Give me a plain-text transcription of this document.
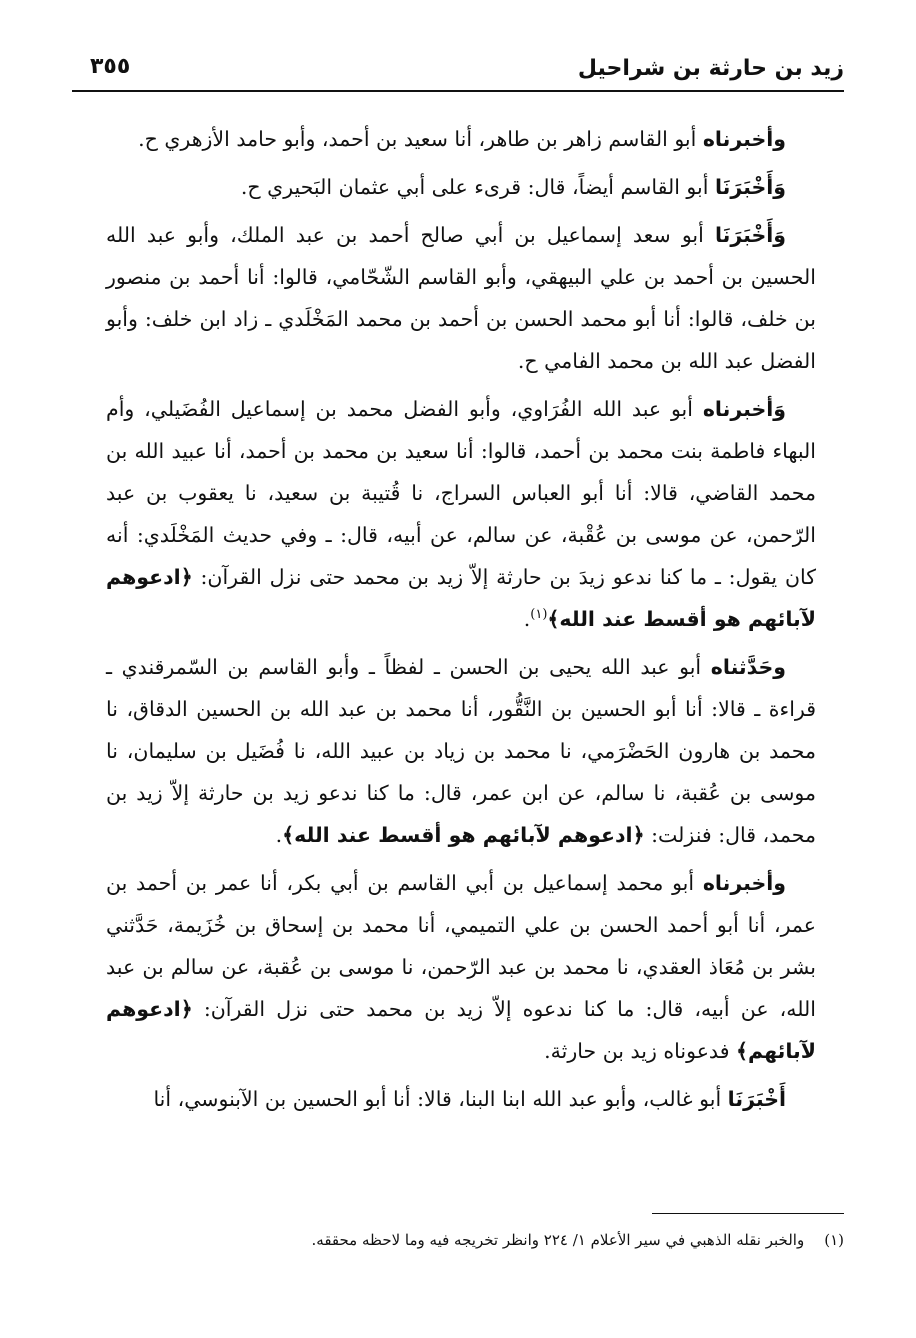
زيد بن حارثة بن شراحيل
٣٥٥

وأخبرناه أبو القاسم زاهر بن طاهر، أنا سعيد بن أحمد، وأبو حامد الأزهري ح.

وَأَخْبَرَنَا أبو القاسم أيضاً، قال: قرىء على أبي عثمان البَحيري ح.

وَأَخْبَرَنَا أبو سعد إسماعيل بن أبي صالح أحمد بن عبد الملك، وأبو عبد الله الحسين بن أحمد بن علي البيهقي، وأبو القاسم الشّحّامي، قالوا: أنا أحمد بن منصور بن خلف، قالوا: أنا أبو محمد الحسن بن أحمد بن محمد المَخْلَدي ـ زاد ابن خلف: وأبو الفضل عبد الله بن محمد الفامي ح.

وَأخبرناه أبو عبد الله الفُرَاوي، وأبو الفضل محمد بن إسماعيل الفُضَيلي، وأم البهاء فاطمة بنت محمد بن أحمد، قالوا: أنا سعيد بن محمد بن أحمد، أنا عبيد الله بن محمد القاضي، قالا: أنا أبو العباس السراج، نا قُتيبة بن سعيد، نا يعقوب بن عبد الرّحمن، عن موسى بن عُقْبة، عن سالم، عن أبيه، قال: ـ وفي حديث المَخْلَدي: أنه كان يقول: ـ ما كنا ندعو زيدَ بن حارثة إلاّ زيد بن محمد حتى نزل القرآن: ﴿ادعوهم لآبائهم هو أقسط عند الله﴾$^{(١)}$.

وحَدَّثناه أبو عبد الله يحيى بن الحسن ـ لفظاً ـ وأبو القاسم بن السّمرقندي ـ قراءة ـ قالا: أنا أبو الحسين بن النَّقُّور، أنا محمد بن عبد الله بن الحسين الدقاق، نا محمد بن هارون الحَضْرَمي، نا محمد بن زياد بن عبيد الله، نا فُضَيل بن سليمان، نا موسى بن عُقبة، نا سالم، عن ابن عمر، قال: ما كنا ندعو زيد بن حارثة إلاّ زيد بن محمد، قال: فنزلت: ﴿ادعوهم لآبائهم هو أقسط عند الله﴾.

وأخبرناه أبو محمد إسماعيل بن أبي القاسم بن أبي بكر، أنا عمر بن أحمد بن عمر، أنا أبو أحمد الحسن بن علي التميمي، أنا محمد بن إسحاق بن خُزَيمة، حَدَّثني بشر بن مُعَاذ العقدي، نا محمد بن عبد الرّحمن، نا موسى بن عُقبة، عن سالم بن عبد الله، عن أبيه، قال: ما كنا ندعوه إلاّ زيد بن محمد حتى نزل القرآن: ﴿ادعوهم لآبائهم﴾ فدعوناه زيد بن حارثة.

أَخْبَرَنَا أبو غالب، وأبو عبد الله ابنا البنا، قالا: أنا أبو الحسين بن الآبنوسي، أنا

(١)والخبر نقله الذهبي في سير الأعلام ١/ ٢٢٤ وانظر تخريجه فيه وما لاحظه محققه.
